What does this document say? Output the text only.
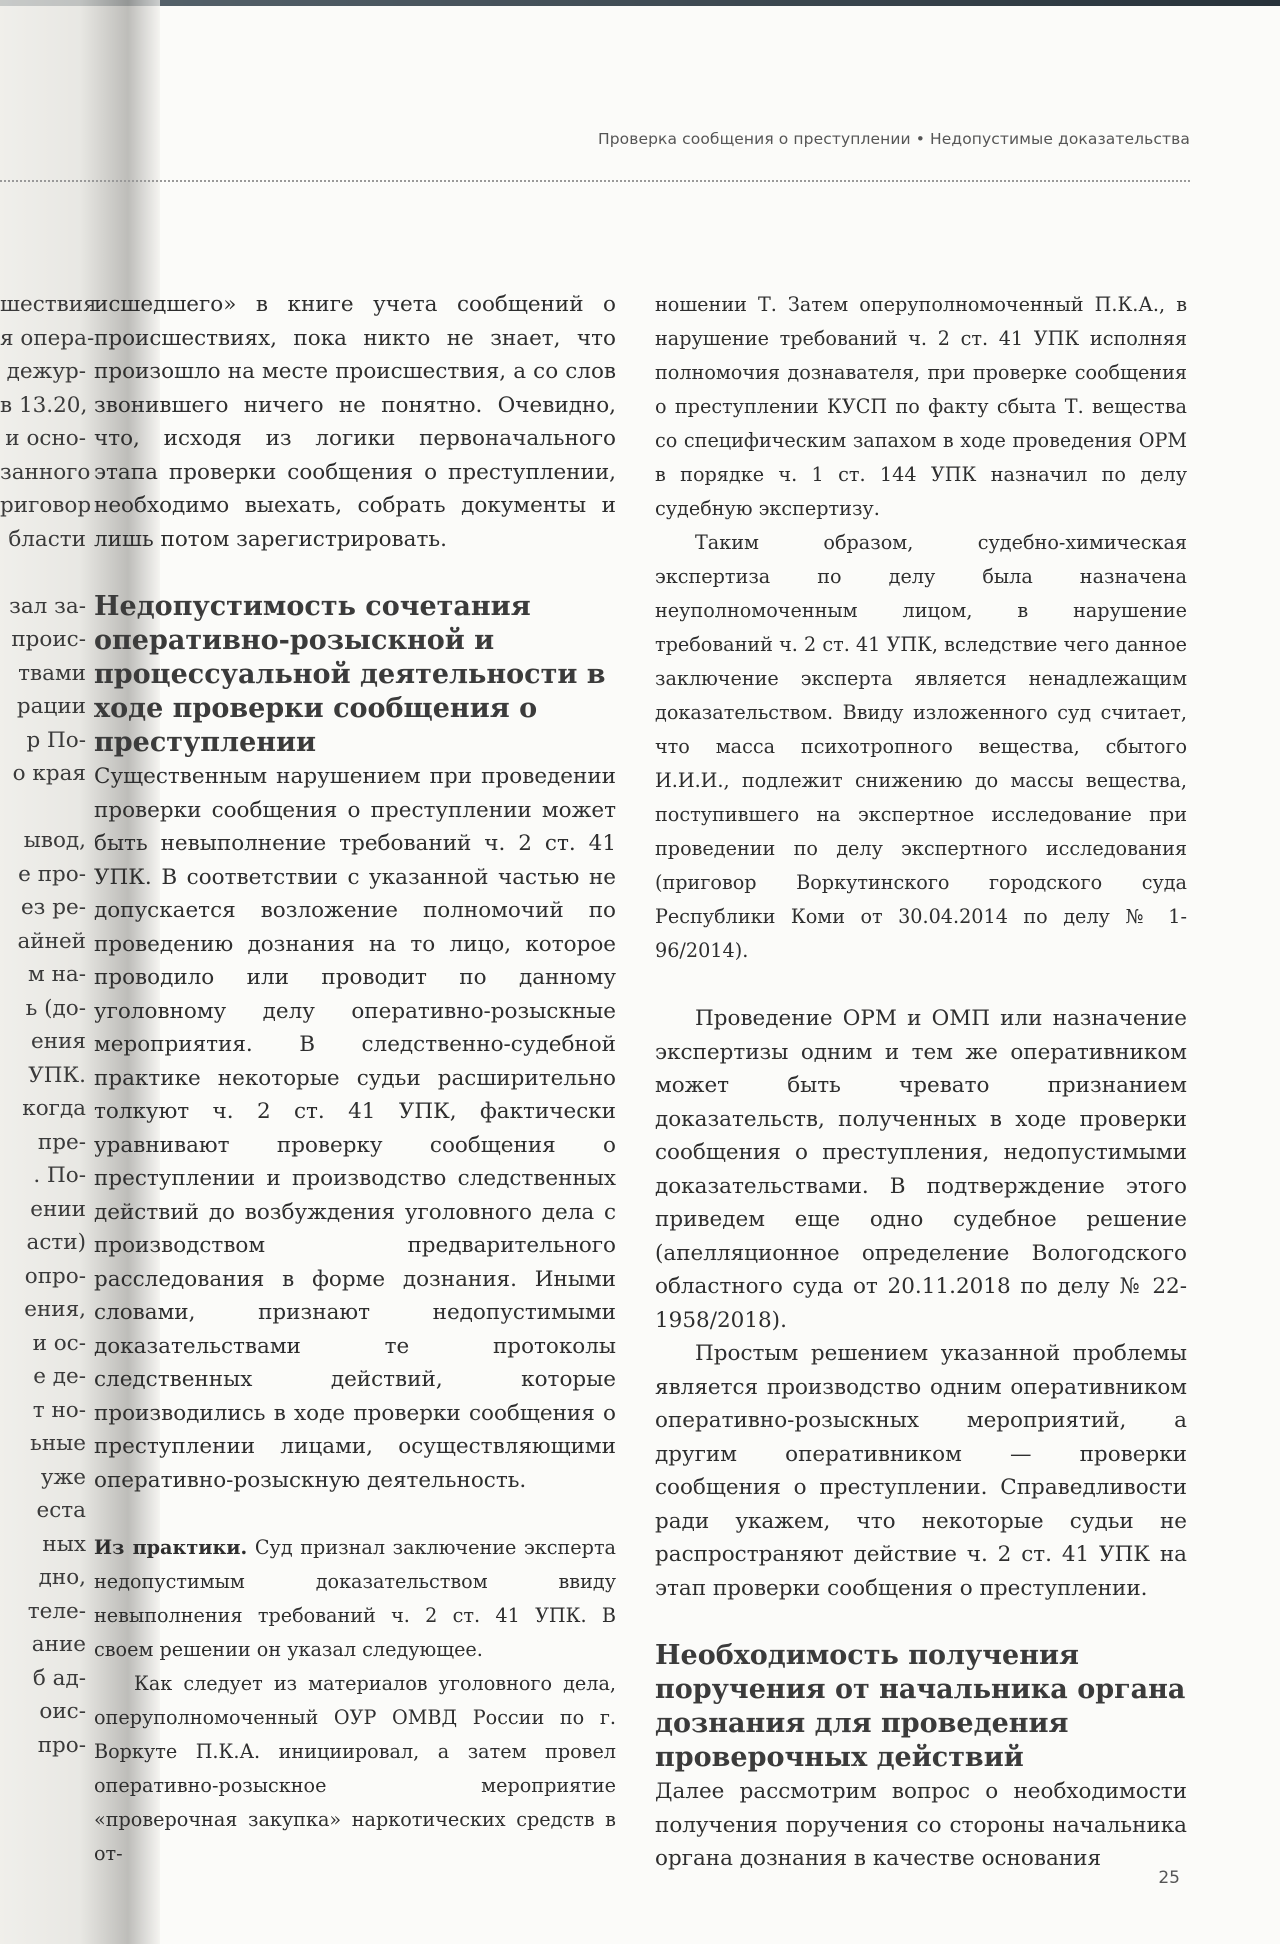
Проверка сообщения о преступлении • Недопустимые доказательства
шествия
я опера-
дежур-
в 13.20,
и осно-
занного
риговор
бласти
зал за-
проис-
твами
рации
р По-
о края
ывод,
е про-
ез ре-
айней
м на-
ь (до-
ения
УПК.
когда
пре-
. По-
ении
асти)
опро-
ения,
и ос-
е де-
т но-
ьные
уже
еста
ных
дно,
теле-
ание
б ад-
оис-
про-

исшедшего» в книге учета сообщений о происшествиях, пока никто не знает, что произошло на месте происшествия, а со слов звонившего ничего не понятно. Очевидно, что, исходя из логики первоначального этапа проверки сообщения о преступлении, необходимо выехать, собрать документы и лишь потом зарегистрировать.

Недопустимость сочетания оперативно-розыскной и процессуальной деятельности в ходе проверки сообщения о преступлении

Существенным нарушением при проведении проверки сообщения о преступлении может быть невыполнение требований ч. 2 ст. 41 УПК. В соответствии с указанной частью не допускается возложение полномочий по проведению дознания на то лицо, которое проводило или проводит по данному уголовному делу оперативно-розыскные мероприятия. В следственно-судебной практике некоторые судьи расширительно толкуют ч. 2 ст. 41 УПК, фактически уравнивают проверку сообщения о преступлении и производство следственных действий до возбуждения уголовного дела с производством предварительного расследования в форме дознания. Иными словами, признают недопустимыми доказательствами те протоколы следственных действий, которые производились в ходе проверки сообщения о преступлении лицами, осуществляющими оперативно-розыскную деятельность.

Из практики. Суд признал заключение эксперта недопустимым доказательством ввиду невыполнения требований ч. 2 ст. 41 УПК. В своем решении он указал следующее.

Как следует из материалов уголовного дела, оперуполномоченный ОУР ОМВД России по г. Воркуте П.К.А. инициировал, а затем провел оперативно-розыскное мероприятие «проверочная закупка» наркотических средств в от-

ношении Т. Затем оперуполномоченный П.К.А., в нарушение требований ч. 2 ст. 41 УПК исполняя полномочия дознавателя, при проверке сообщения о преступлении КУСП по факту сбыта Т. вещества со специфическим запахом в ходе проведения ОРМ в порядке ч. 1 ст. 144 УПК назначил по делу судебную экспертизу.

Таким образом, судебно-химическая экспертиза по делу была назначена неуполномоченным лицом, в нарушение требований ч. 2 ст. 41 УПК, вследствие чего данное заключение эксперта является ненадлежащим доказательством. Ввиду изложенного суд считает, что масса психотропного вещества, сбытого И.И.И., подлежит снижению до массы вещества, поступившего на экспертное исследование при проведении по делу экспертного исследования (приговор Воркутинского городского суда Республики Коми от 30.04.2014 по делу № 1-96/2014).

Проведение ОРМ и ОМП или назначение экспертизы одним и тем же оперативником может быть чревато признанием доказательств, полученных в ходе проверки сообщения о преступления, недопустимыми доказательствами. В подтверждение этого приведем еще одно судебное решение (апелляционное определение Вологодского областного суда от 20.11.2018 по делу № 22-1958/2018).

Простым решением указанной проблемы является производство одним оперативником оперативно-розыскных мероприятий, а другим оперативником — проверки сообщения о преступлении. Справедливости ради укажем, что некоторые судьи не распространяют действие ч. 2 ст. 41 УПК на этап проверки сообщения о преступлении.

Необходимость получения поручения от начальника органа дознания для проведения проверочных действий

Далее рассмотрим вопрос о необходимости получения поручения со стороны начальника органа дознания в качестве основания

25
